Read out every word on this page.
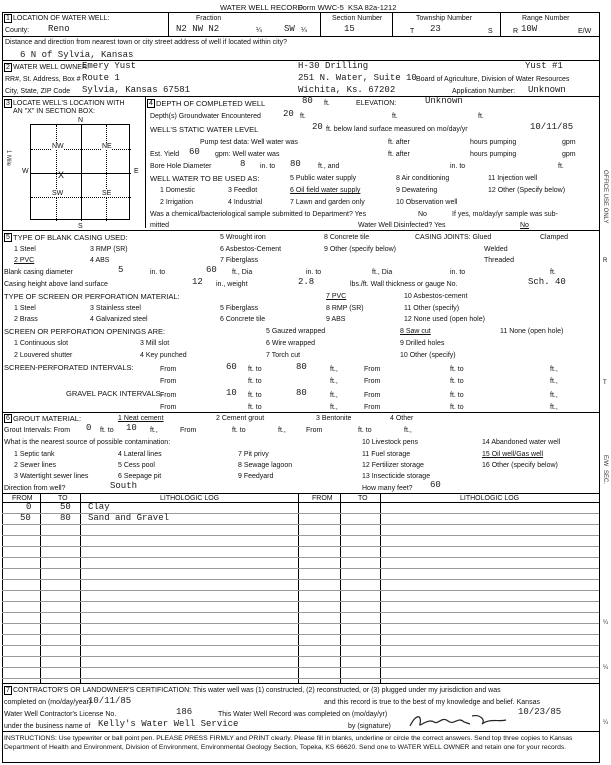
WATER WELL RECORD
Form WWC-5 KSA 82a-1212
1 LOCATION OF WATER WELL:
County: Reno
Fraction
N2 NW N2	¼ SW ¼
Section Number
15
Township Number
T 23	S
Range Number
R 10W	E/W
Distance and direction from nearest town or city street address of well if located within city?
6 N of Sylvia, Kansas
2 WATER WELL OWNER:
Emery Yust
RR#, St. Address, Box # :
Route 1
City, State, ZIP Code Sylvia, Kansas 67581
H-30 Drilling
251 N. Water, Suite 10
Wichita, Ks. 67202
Yust #1
Board of Agriculture, Division of Water Resources
Application Number: Unknown
3 LOCATE WELL'S LOCATION WITH
AN "X" IN SECTION BOX:
N
S
W	E
NW	NE
SW	SE
X
1 Mile
4 DEPTH OF COMPLETED WELL	80 ft.	ELEVATION:	Unknown
Depth(s) Groundwater Encountered 20 ft.	ft.	ft.
WELL'S STATIC WATER LEVEL	20 ft. below land surface measured on mo/day/yr	10/11/85
Pump test data: Well water was	ft. after	hours pumping	gpm
Est. Yield 60 gpm: Well water was	ft. after	hours pumping	gpm
Bore Hole Diameter	8 in. to 80 ft., and	in. to	ft.
WELL WATER TO BE USED AS:
1 Domestic
2 Irrigation
3 Feedlot
4 Industrial
5 Public water supply
6 Oil field water supply
7 Lawn and garden only
8 Air conditioning
9 Dewatering
10 Observation well
11 Injection well
12 Other (Specify below)
Was a chemical/bacteriological sample submitted to Department? Yes	No	If yes, mo/day/yr sample was sub-
mitted	Water Well Disinfected? Yes	No
5 TYPE OF BLANK CASING USED:
1 Steel
2 PVC
3 RMP (SR)
4 ABS
5 Wrought iron
6 Asbestos-Cement
7 Fiberglass
8 Concrete tile
9 Other (specify below)
CASING JOINTS: Glued	Clamped
Welded
Threaded
Blank casing diameter	5	in. to	60 ft., Dia	in. to	ft., Dia	in. to	ft.
Casing height above land surface	12 in., weight	2.8	lbs./ft. Wall thickness or gauge No.	Sch. 40
TYPE OF SCREEN OR PERFORATION MATERIAL:
1 Steel
2 Brass
3 Stainless steel
4 Galvanized steel
5 Fiberglass
6 Concrete tile
7 PVC
8 RMP (SR)
9 ABS
10 Asbestos-cement
11 Other (specify)
12 None used (open hole)
SCREEN OR PERFORATION OPENINGS ARE:
1 Continuous slot
2 Louvered shutter
3 Mill slot
4 Key punched
5 Gauzed wrapped
6 Wire wrapped
7 Torch cut
8 Saw cut
9 Drilled holes
10 Other (specify)
11 None (open hole)
SCREEN-PERFORATED INTERVALS:	From	60 ft. to	80	ft.,	From	ft. to	ft.,
From	ft. to	ft.,	From	ft. to	ft.,
GRAVEL PACK INTERVALS:
From	10 ft. to	80	ft.,	From	ft. to	ft.,
From	ft. to	ft.,	From	ft. to	ft.,
6 GROUT MATERIAL:	1 Neat cement	2 Cement grout	3 Bentonite	4 Other
Grout Intervals: From 0 ft. to 10 ft.,	From	ft. to	ft.,	From	ft. to	ft.,
What is the nearest source of possible contamination:
1 Septic tank
2 Sewer lines
3 Watertight sewer lines
4 Lateral lines
5 Cess pool
6 Seepage pit
7 Pit privy
8 Sewage lagoon
9 Feedyard
10 Livestock pens
11 Fuel storage
12 Fertilizer storage
13 Insecticide storage
14 Abandoned water well
15 Oil well/Gas well
16 Other (specify below)
Direction from well?	South	How many feet? 60
FROM	TO	LITHOLOGIC LOG	FROM	TO	LITHOLOGIC LOG
0	50 Clay
50	80 Sand and Gravel
7 CONTRACTOR'S OR LANDOWNER'S CERTIFICATION: This water well was (1) constructed, (2) reconstructed, or (3) plugged under my jurisdiction and was
completed on (mo/day/year)
10/11/85	and this record is true to the best of my knowledge and belief. Kansas
Water Well Contractor's License No.	186	This Water Well Record was completed on (mo/day/yr)	10/23/85
under the business name of Kelly's Water Well Service	by (signature)
INSTRUCTIONS: Use typewriter or ball point pen. PLEASE PRESS FIRMLY and PRINT clearly. Please fill in blanks, underline or circle the correct answers. Send top three copies to Kansas Department of Health and Environment, Division of Environment, Environmental Geology Section, Topeka, KS 66620. Send one to WATER WELL OWNER and retain one for your records.
OFFICE USE ONLY
R
T
E/W
SEC.
¼
¼
¼
